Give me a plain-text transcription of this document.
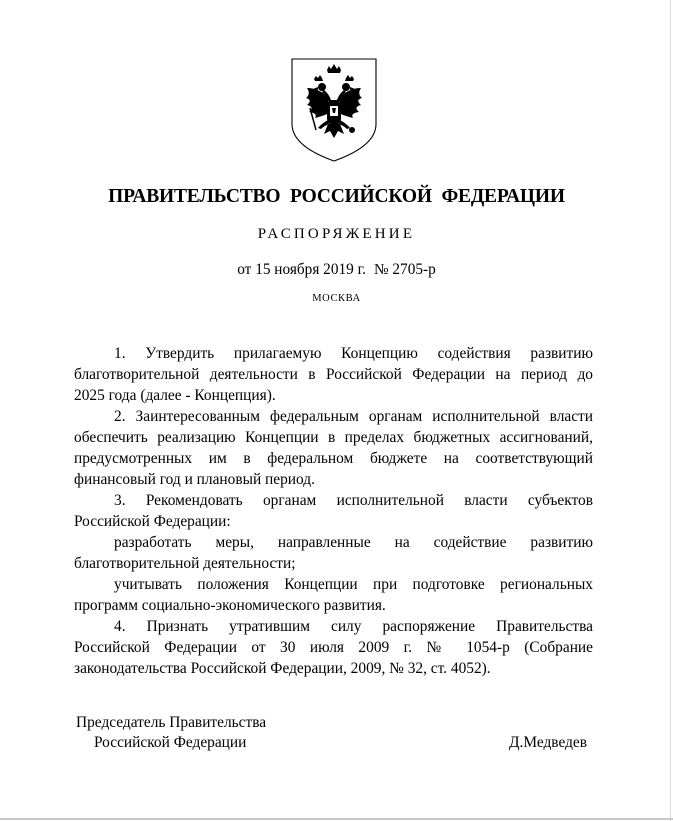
ПРАВИТЕЛЬСТВО РОССИЙСКОЙ ФЕДЕРАЦИИ
РАСПОРЯЖЕНИЕ
от 15 ноября 2019 г. № 2705-р
МОСКВА
1. Утвердить прилагаемую Концепцию содействия развитию
благотворительной деятельности в Российской Федерации на период до
2025 года (далее - Концепция).
2. Заинтересованным федеральным органам исполнительной власти
обеспечить реализацию Концепции в пределах бюджетных ассигнований,
предусмотренных им в федеральном бюджете на соответствующий
финансовый год и плановый период.
3. Рекомендовать органам исполнительной власти субъектов
Российской Федерации:
разработать меры, направленные на содействие развитию
благотворительной деятельности;
учитывать положения Концепции при подготовке региональных
программ социально-экономического развития.
4. Признать утратившим силу распоряжение Правительства
Российской Федерации от 30 июля 2009 г. № 1054-р (Собрание
законодательства Российской Федерации, 2009, № 32, ст. 4052).
Председатель Правительства
Российской Федерации	Д.Медведев
